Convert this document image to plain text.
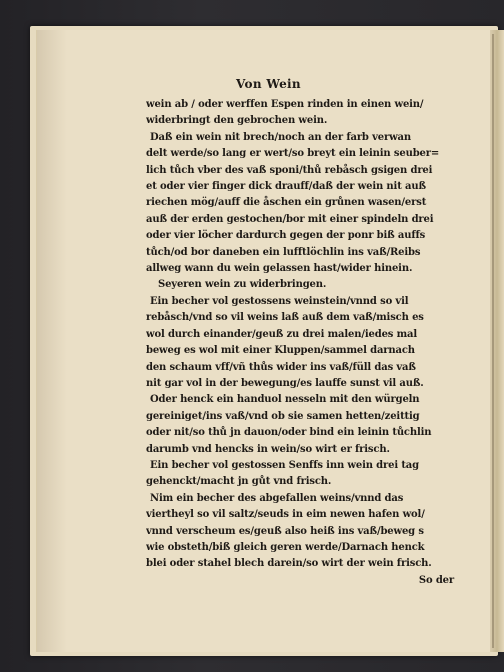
Von Wein
wein ab / oder werffen Espen rinden in einen wein/
widerbringt den gebrochen wein.
Daß ein wein nit brech/noch an der farb verwan
delt werde/so lang er wert/so breyt ein leinin seuber=
lich tůch vber des vaß sponi/thů rebåsch gsigen drei
et oder vier finger dick drauff/daß der wein nit auß
riechen mög/auff die åschen ein grůnen wasen/erst
auß der erden gestochen/bor mit einer spindeln drei
oder vier löcher dardurch gegen der ponr biß auffs
tůch/od bor daneben ein lufftlöchlin ins vaß/Reibs
allweg wann du wein gelassen hast/wider hinein.
Seyeren wein zu widerbringen.
Ein becher vol gestossens weinstein/vnnd so vil
rebåsch/vnd so vil weins laß auß dem vaß/misch es
wol durch einander/geuß zu drei malen/iedes mal
beweg es wol mit einer Kluppen/sammel darnach
den schaum vff/vñ thůs wider ins vaß/füll das vaß
nit gar vol in der bewegung/es lauffe sunst vil auß.
Oder henck ein handuol nesseln mit den würgeln
gereiniget/ins vaß/vnd ob sie samen hetten/zeittig
oder nit/so thů jn dauon/oder bind ein leinin tůchlin
darumb vnd hencks in wein/so wirt er frisch.
Ein becher vol gestossen Senffs inn wein drei tag
gehenckt/macht jn gůt vnd frisch.
Nim ein becher des abgefallen weins/vnnd das
viertheyl so vil saltz/seuds in eim newen hafen wol/
vnnd verscheum es/geuß also heiß ins vaß/beweg s
wie obsteth/biß gleich geren werde/Darnach henck
blei oder stahel blech darein/so wirt der wein frisch.
So der
